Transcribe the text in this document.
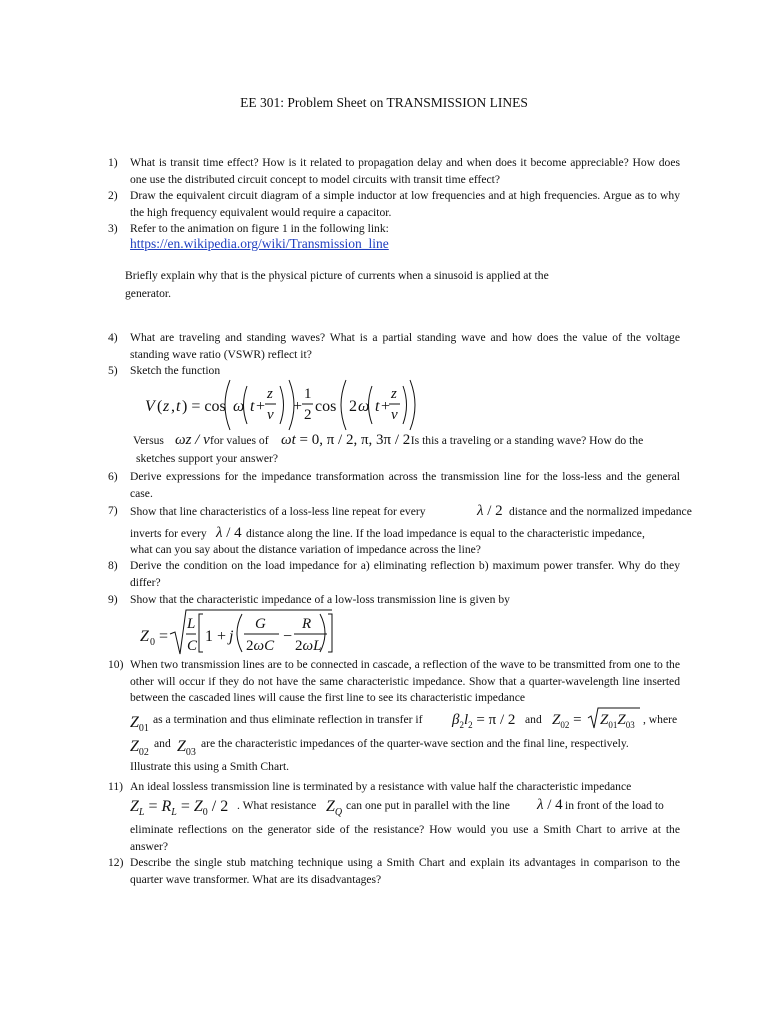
EE 301: Problem Sheet on TRANSMISSION LINES
1) What is transit time effect? How is it related to propagation delay and when does it become appreciable? How does one use the distributed circuit concept to model circuits with transit time effect?
2) Draw the equivalent circuit diagram of a simple inductor at low frequencies and at high frequencies. Argue as to why the high frequency equivalent would require a capacitor.
3) Refer to the animation on figure 1 in the following link:
https://en.wikipedia.org/wiki/Transmission_line
Briefly explain why that is the physical picture of currents when a sinusoid is applied at the generator.
4) What are traveling and standing waves? What is a partial standing wave and how does the value of the voltage standing wave ratio (VSWR) reflect it?
5) Sketch the function
6) Derive expressions for the impedance transformation across the transmission line for the loss-less and the general case.
7)
8) Derive the condition on the load impedance for a) eliminating reflection b) maximum power transfer. Why do they differ?
9) Show that the characteristic impedance of a low-loss transmission line is given by
10) When two transmission lines are to be connected in cascade, a reflection of the wave to be transmitted from one to the other will occur if they do not have the same characteristic impedance. Show that a quarter-wavelength line inserted between the cascaded lines will cause the first line to see its characteristic impedance
11) An ideal lossless transmission line is terminated by a resistance with value half the characteristic impedance
12) Describe the single stub matching technique using a Smith Chart and explain its advantages in comparison to the quarter wave transformer. What are its disadvantages?
V ( z , t ) = cos ω t +
z
v +
1
2 cos 2 ω t +
z
v
Versus ωz / v for values of ωt = 0, π / 2, π, 3π / 2
. Is this a traveling or a standing wave? How do the
sketches support your answer?
Show that line characteristics of a loss-less line repeat for every	λ / 2 distance and the normalized impedance
inverts for every λ / 4 distance along the line. If the load impedance is equal to the characteristic impedance,
what can you say about the distance variation of impedance across the line?
Z 0 =
L
C
1 + j
G
2ωC
−
R
2ωL
$Z_{01}$
as a termination and thus eliminate reflection in transfer if $\beta_2l_2 = \pi / 2$ and $Z_{02} = Z_{01}Z_{03}$ , where
$Z_{02}$
and $Z_{03}$
are the characteristic impedances of the quarter-wave section and the final line, respectively.
Illustrate this using a Smith Chart.
$Z_L = R_L = Z_0 / 2$ . What resistance $Z_Q$
can one put in parallel with the line λ / 4 in front of the load to
eliminate reflections on the generator side of the resistance? How would you use a Smith Chart to arrive at the answer?
